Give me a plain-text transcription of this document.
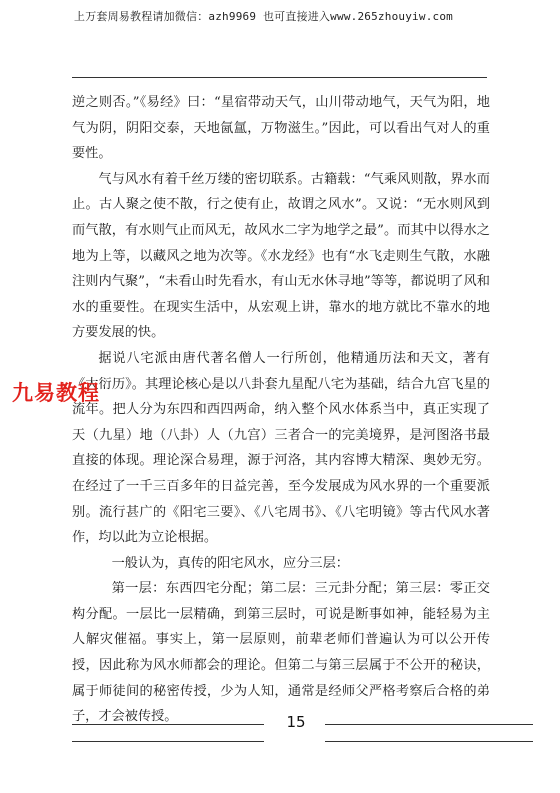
上万套周易教程请加微信：azh9969 也可直接进入www.265zhouyiw.com

逆之则否。”《易经》曰：“星宿带动天气，山川带动地气，天气为阳，地气为阴，阴阳交泰，天地氤氲，万物滋生。”因此，可以看出气对人的重要性。

气与风水有着千丝万缕的密切联系。古籍载：“气乘风则散，界水而止。古人聚之使不散，行之使有止，故谓之风水”。又说：“无水则风到而气散，有水则气止而风无，故风水二字为地学之最”。而其中以得水之地为上等，以藏风之地为次等。《水龙经》也有“水飞走则生气散，水融注则内气聚”，“未看山时先看水，有山无水休寻地”等等，都说明了风和水的重要性。在现实生活中，从宏观上讲，靠水的地方就比不靠水的地方要发展的快。

据说八宅派由唐代著名僧人一行所创，他精通历法和天文，著有《大衍历》。其理论核心是以八卦套九星配八宅为基础，结合九宫飞星的流年。把人分为东四和西四两命，纳入整个风水体系当中，真正实现了天（九星）地（八卦）人（九宫）三者合一的完美境界，是河图洛书最直接的体现。理论深合易理，源于河洛，其内容博大精深、奥妙无穷。在经过了一千三百多年的日益完善，至今发展成为风水界的一个重要派别。流行甚广的《阳宅三要》、《八宅周书》、《八宅明镜》等古代风水著作，均以此为立论根据。

一般认为，真传的阳宅风水，应分三层：

第一层：东西四宅分配；第二层：三元卦分配；第三层：零正交构分配。一层比一层精确，到第三层时，可说是断事如神，能轻易为主人解灾催福。事实上，第一层原则，前辈老师们普遍认为可以公开传授，因此称为风水师都会的理论。但第二与第三层属于不公开的秘诀，属于师徒间的秘密传授，少为人知，通常是经师父严格考察后合格的弟子，才会被传授。

九易教程
15
